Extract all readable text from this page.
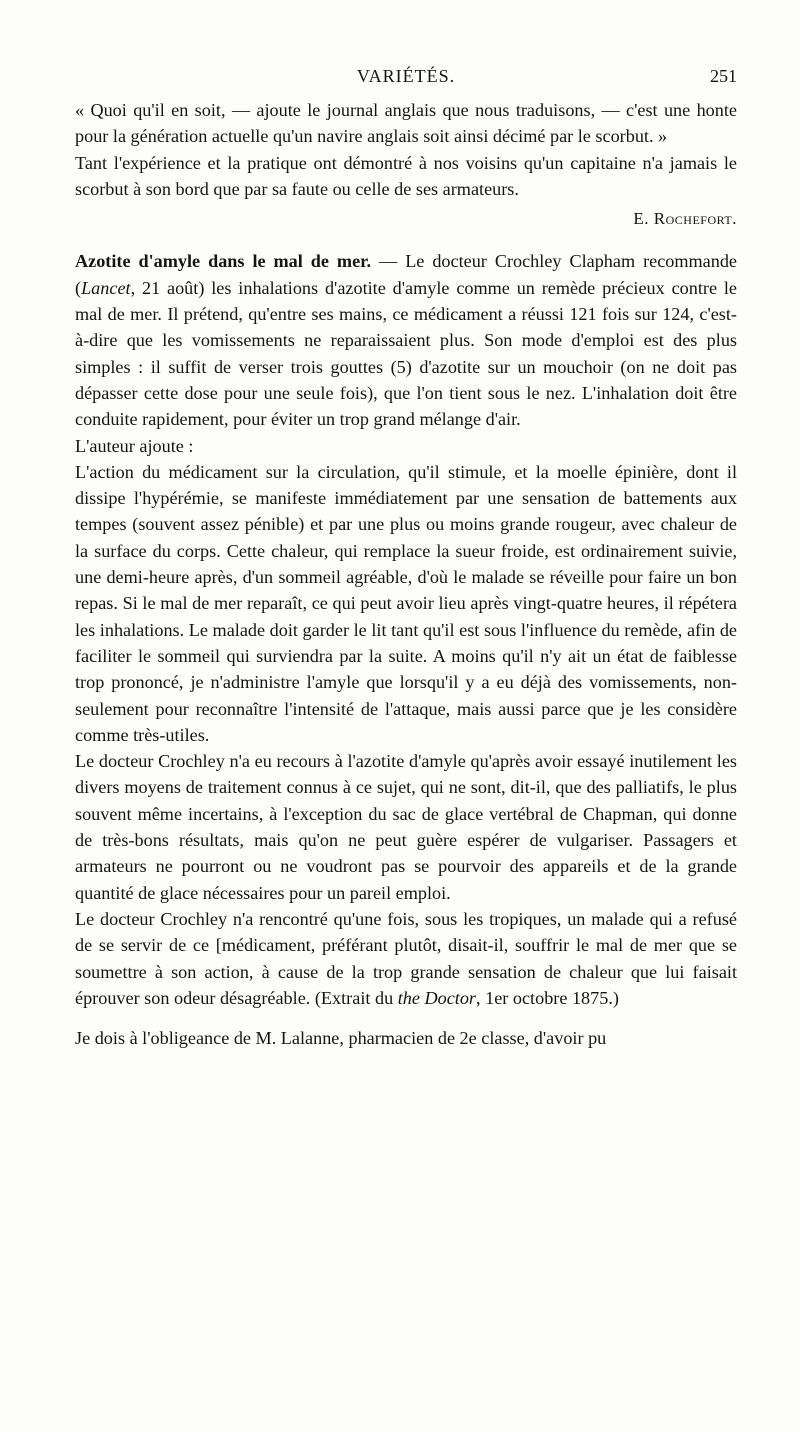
VARIÉTÉS.	251

« Quoi qu'il en soit, — ajoute le journal anglais que nous traduisons, — c'est une honte pour la génération actuelle qu'un navire anglais soit ainsi décimé par le scorbut. »

Tant l'expérience et la pratique ont démontré à nos voisins qu'un capitaine n'a jamais le scorbut à son bord que par sa faute ou celle de ses armateurs.

E. Rochefort.

Azotite d'amyle dans le mal de mer. — Le docteur Crochley Clapham recommande (Lancet, 21 août) les inhalations d'azotite d'amyle comme un remède précieux contre le mal de mer. Il prétend, qu'entre ses mains, ce médicament a réussi 121 fois sur 124, c'est-à-dire que les vomissements ne reparaissaient plus. Son mode d'emploi est des plus simples : il suffit de verser trois gouttes (5) d'azotite sur un mouchoir (on ne doit pas dépasser cette dose pour une seule fois), que l'on tient sous le nez. L'inhalation doit être conduite rapidement, pour éviter un trop grand mélange d'air.

L'auteur ajoute :

L'action du médicament sur la circulation, qu'il stimule, et la moelle épinière, dont il dissipe l'hypérémie, se manifeste immédiatement par une sensation de battements aux tempes (souvent assez pénible) et par une plus ou moins grande rougeur, avec chaleur de la surface du corps. Cette chaleur, qui remplace la sueur froide, est ordinairement suivie, une demi-heure après, d'un sommeil agréable, d'où le malade se réveille pour faire un bon repas. Si le mal de mer reparaît, ce qui peut avoir lieu après vingt-quatre heures, il répétera les inhalations. Le malade doit garder le lit tant qu'il est sous l'influence du remède, afin de faciliter le sommeil qui surviendra par la suite. A moins qu'il n'y ait un état de faiblesse trop prononcé, je n'administre l'amyle que lorsqu'il y a eu déjà des vomissements, non-seulement pour reconnaître l'intensité de l'attaque, mais aussi parce que je les considère comme très-utiles.

Le docteur Crochley n'a eu recours à l'azotite d'amyle qu'après avoir essayé inutilement les divers moyens de traitement connus à ce sujet, qui ne sont, dit-il, que des palliatifs, le plus souvent même incertains, à l'exception du sac de glace vertébral de Chapman, qui donne de très-bons résultats, mais qu'on ne peut guère espérer de vulgariser. Passagers et armateurs ne pourront ou ne voudront pas se pourvoir des appareils et de la grande quantité de glace nécessaires pour un pareil emploi.

Le docteur Crochley n'a rencontré qu'une fois, sous les tropiques, un malade qui a refusé de se servir de ce [médicament, préférant plutôt, disait-il, souffrir le mal de mer que se soumettre à son action, à cause de la trop grande sensation de chaleur que lui faisait éprouver son odeur désagréable. (Extrait du the Doctor, 1er octobre 1875.)

Je dois à l'obligeance de M. Lalanne, pharmacien de 2e classe, d'avoir pu
